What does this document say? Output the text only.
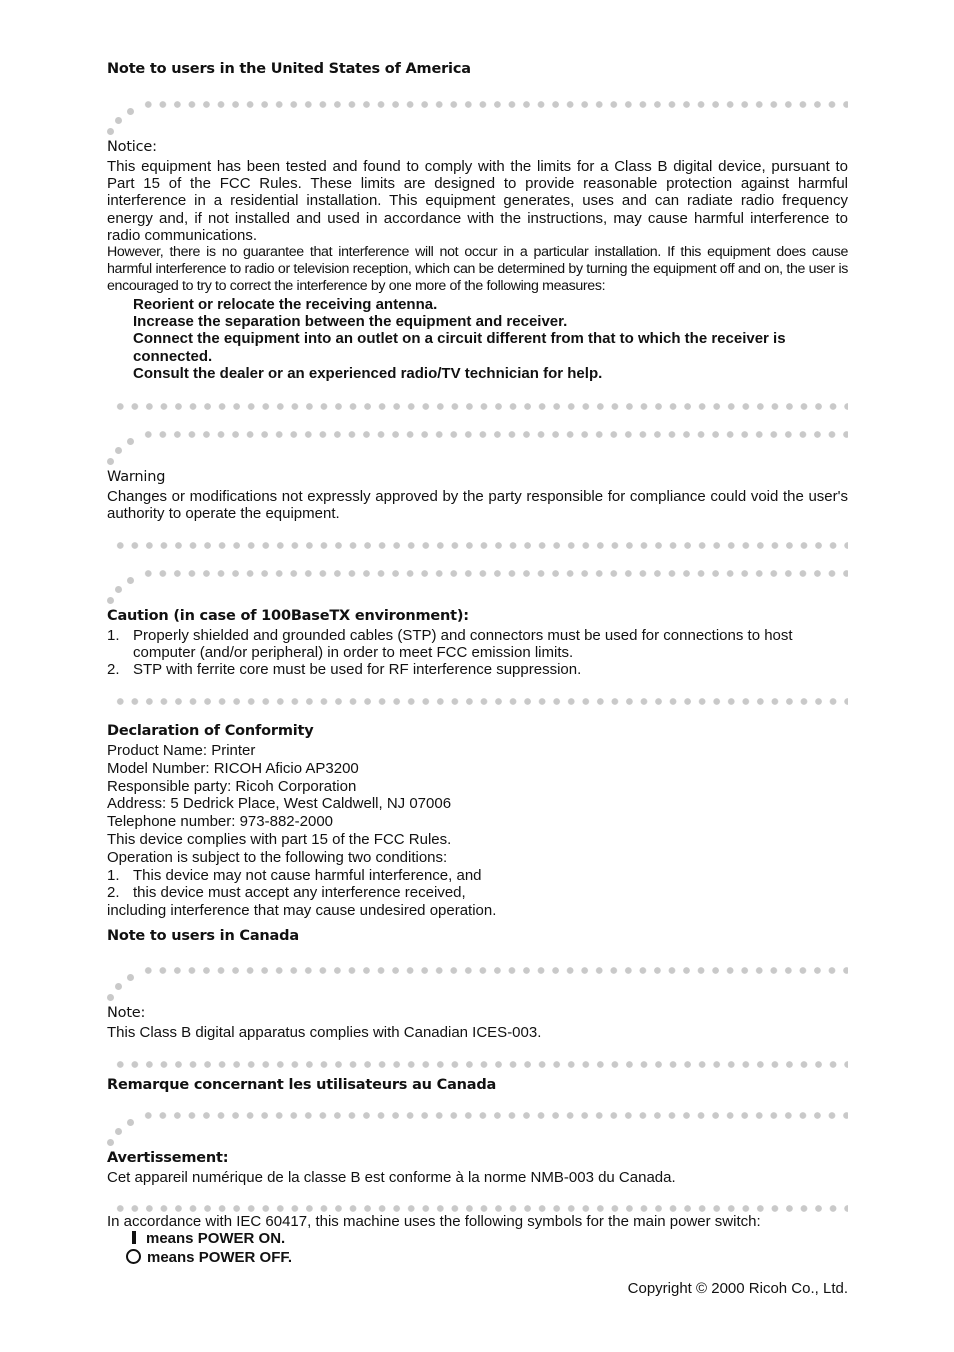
Note to users in the United States of America
Notice:

This equipment has been tested and found to comply with the limits for a Class B digital device, pursuant to Part 15 of the FCC Rules. These limits are designed to provide reasonable protection against harmful interference in a residential installation. This equipment generates, uses and can radiate radio frequency energy and, if not installed and used in accordance with the instructions, may cause harmful interference to radio communications.

However, there is no guarantee that interference will not occur in a particular installation. If this equipment does cause harmful interference to radio or television reception, which can be determined by turning the equipment off and on, the user is encouraged to try to correct the interference by one more of the following measures:

Reorient or relocate the receiving antenna.

Increase the separation between the equipment and receiver.

Connect the equipment into an outlet on a circuit different from that to which the receiver is connected.

Consult the dealer or an experienced radio/TV technician for help.

Warning
Changes or modifications not expressly approved by the party responsible for compliance could void the user's authority to operate the equipment.
Caution (in case of 100BaseTX environment):
1. Properly shielded and grounded cables (STP) and connectors must be used for connections to host computer (and/or peripheral) in order to meet FCC emission limits.
2. STP with ferrite core must be used for RF interference suppression.
Declaration of Conformity

Product Name: Printer

Model Number: RICOH Aficio AP3200

Responsible party: Ricoh Corporation

Address: 5 Dedrick Place, West Caldwell, NJ 07006

Telephone number: 973-882-2000

This device complies with part 15 of the FCC Rules.

Operation is subject to the following two conditions:

1. This device may not cause harmful interference, and
2. this device must accept any interference received,

including interference that may cause undesired operation.

Note to users in Canada
Note:
This Class B digital apparatus complies with Canadian ICES-003.
Remarque concernant les utilisateurs au Canada
Avertissement:
Cet appareil numérique de la classe B est conforme à la norme NMB-003 du Canada.
In accordance with IEC 60417, this machine uses the following symbols for the main power switch:
means POWER ON.
means POWER OFF.
Copyright © 2000 Ricoh Co., Ltd.
